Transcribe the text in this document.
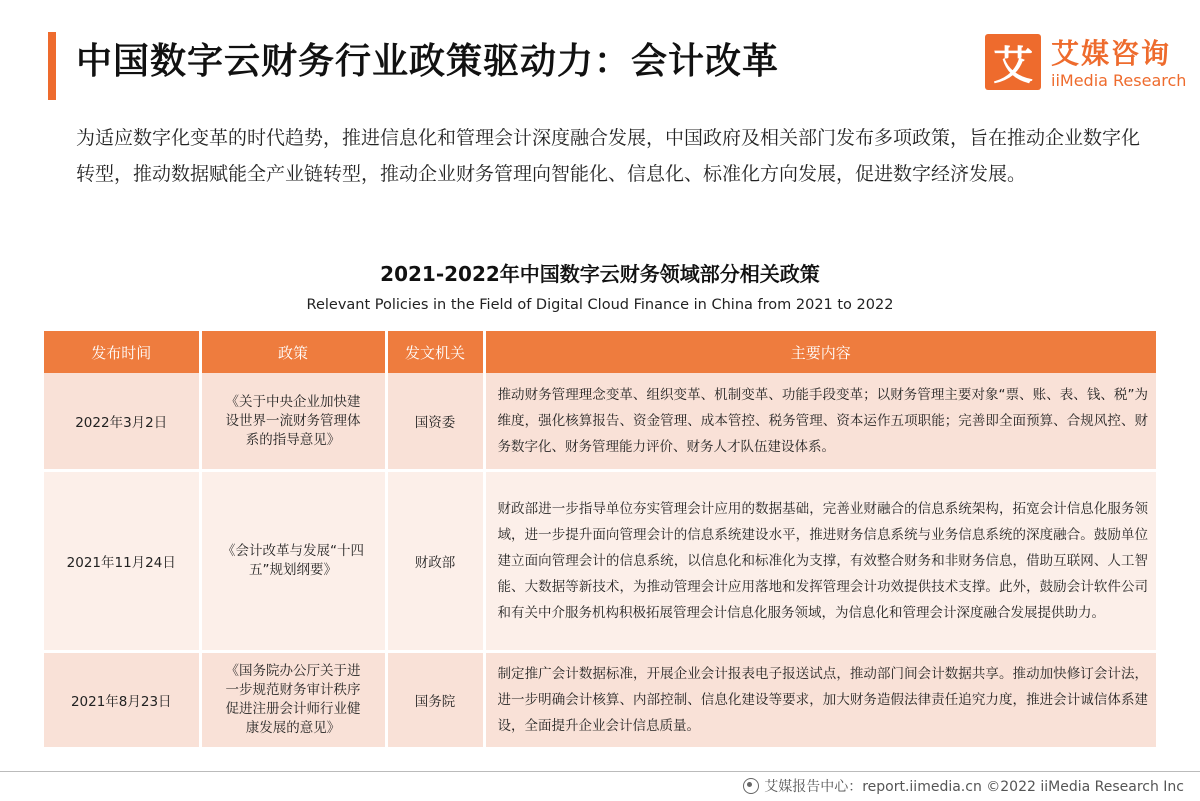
中国数字云财务行业政策驱动力：会计改革	艾 艾媒咨询
iiMedia Research
为适应数字化变革的时代趋势，推进信息化和管理会计深度融合发展，中国政府及相关部门发布多项政策，旨在推动企业数字化转型，推动数据赋能全产业链转型，推动企业财务管理向智能化、信息化、标准化方向发展，促进数字经济发展。
2021-2022年中国数字云财务领域部分相关政策
Relevant Policies in the Field of Digital Cloud Finance in China from 2021 to 2022
发布时间	政策	发文机关	主要内容
2022年3月2日	《关于中央企业加快建设世界一流财务管理体系的指导意见》	国资委	推动财务管理理念变革、组织变革、机制变革、功能手段变革；以财务管理主要对象“票、账、表、钱、税”为维度，强化核算报告、资金管理、成本管控、税务管理、资本运作五项职能；完善即全面预算、合规风控、财务数字化、财务管理能力评价、财务人才队伍建设体系。
2021年11月24日	《会计改革与发展“十四五”规划纲要》	财政部	财政部进一步指导单位夯实管理会计应用的数据基础，完善业财融合的信息系统架构，拓宽会计信息化服务领域，进一步提升面向管理会计的信息系统建设水平，推进财务信息系统与业务信息系统的深度融合。鼓励单位建立面向管理会计的信息系统，以信息化和标准化为支撑，有效整合财务和非财务信息，借助互联网、人工智能、大数据等新技术，为推动管理会计应用落地和发挥管理会计功效提供技术支撑。此外，鼓励会计软件公司和有关中介服务机构积极拓展管理会计信息化服务领域，为信息化和管理会计深度融合发展提供助力。
2021年8月23日	《国务院办公厅关于进一步规范财务审计秩序促进注册会计师行业健康发展的意见》	国务院	制定推广会计数据标准，开展企业会计报表电子报送试点，推动部门间会计数据共享。推动加快修订会计法，进一步明确会计核算、内部控制、信息化建设等要求，加大财务造假法律责任追究力度，推进会计诚信体系建设，全面提升企业会计信息质量。
艾媒报告中心：report.iimedia.cn ©2022 iiMedia Research Inc
